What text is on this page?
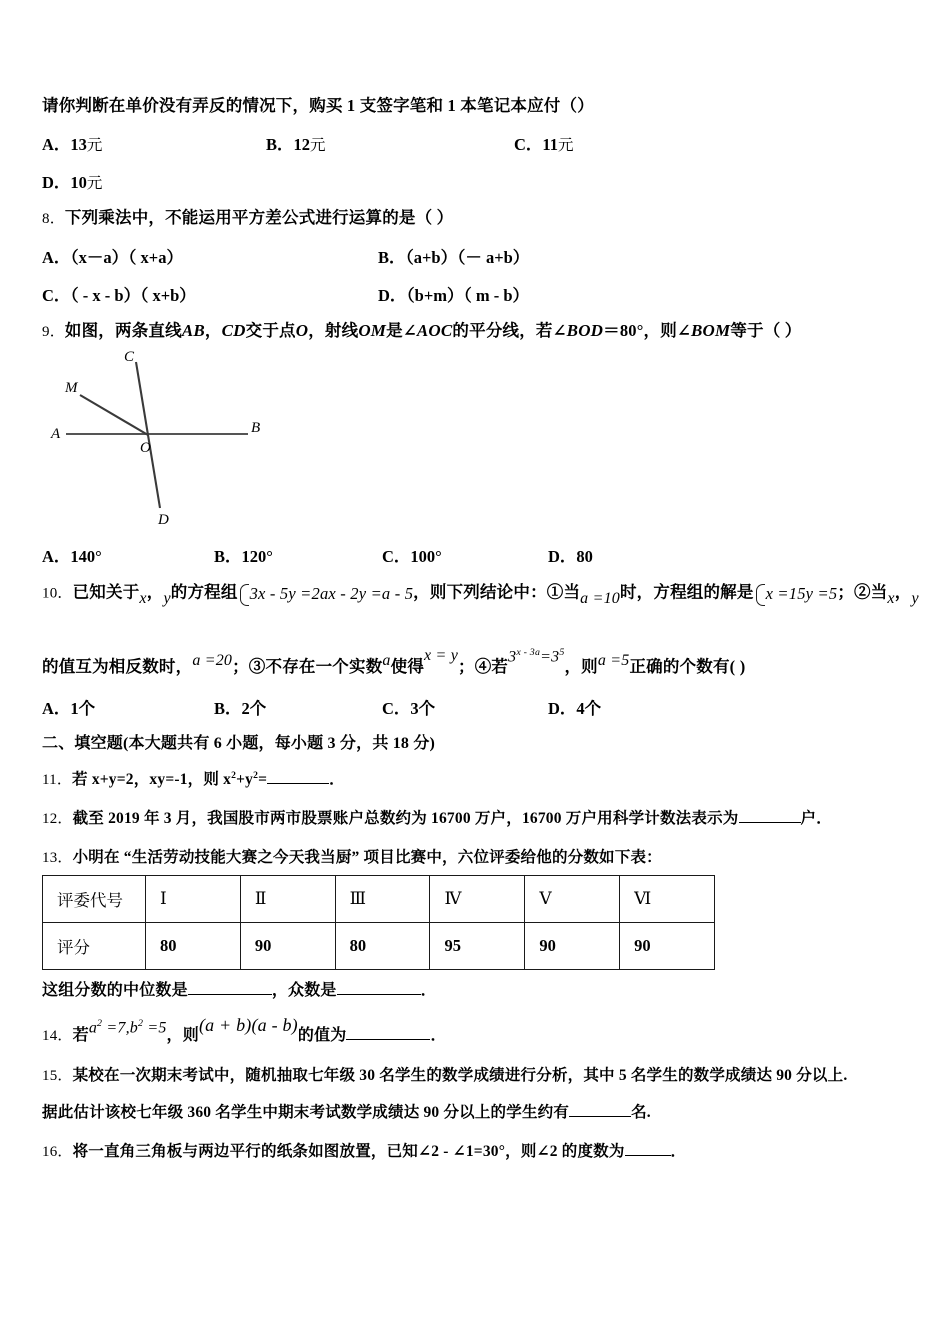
请你判断在单价没有弄反的情况下，购买 1 支签字笔和 1 本笔记本应付（）
A．13元	B．12元	C．11元
D．10元
8．下列乘法中，不能运用平方差公式进行运算的是（ ）
A．（x－a）（ x+a）	B．（a+b）（－ a+b）
C．（ - x - b）（ x+b）	D．（b+m）（ m - b）
9．如图，两条直线AB，CD交于点O，射线OM是∠AOC的平分线，若∠BOD＝80°，则∠BOM等于（ ）
C
M
A	B
O
D
A．140°	B．120°	C．100°	D．80
10．已知关于x，y的方程组 3x - 5y =2ax - 2y =a - 5，则下列结论中：①当a =10时，方程组的解是 x =15y =5；②当x，y
的值互为相反数时，a =20；③不存在一个实数a使得x = y；④若$3^{x - 3a}=3^5$，则a =5正确的个数有( )
A．1个	B．2个	C．3个	D．4个
二、填空题(本大题共有 6 小题，每小题 3 分，共 18 分)
11．若 x+y=2，xy=-1，则 $x^2+y^2=$	．
12．截至 2019 年 3 月，我国股市两市股票账户总数约为 16700 万户，16700 万户用科学计数法表示为	户．
13．小明在 “生活劳动技能大赛之今天我当厨” 项目比赛中，六位评委给他的分数如下表：
评委代号	Ⅰ	Ⅱ	Ⅲ	Ⅳ	Ⅴ	Ⅵ
评分	80	90	80	95	90	90
这组分数的中位数是	，众数是	．
14．若$a^2 =7,b^2 =5$，则(a + b)(a - b)的值为	．
15．某校在一次期末考试中，随机抽取七年级 30 名学生的数学成绩进行分析，其中 5 名学生的数学成绩达 90 分以上.
据此估计该校七年级 360 名学生中期末考试数学成绩达 90 分以上的学生约有	名.
16．将一直角三角板与两边平行的纸条如图放置，已知∠2 - ∠1=30°，则∠2 的度数为	．
